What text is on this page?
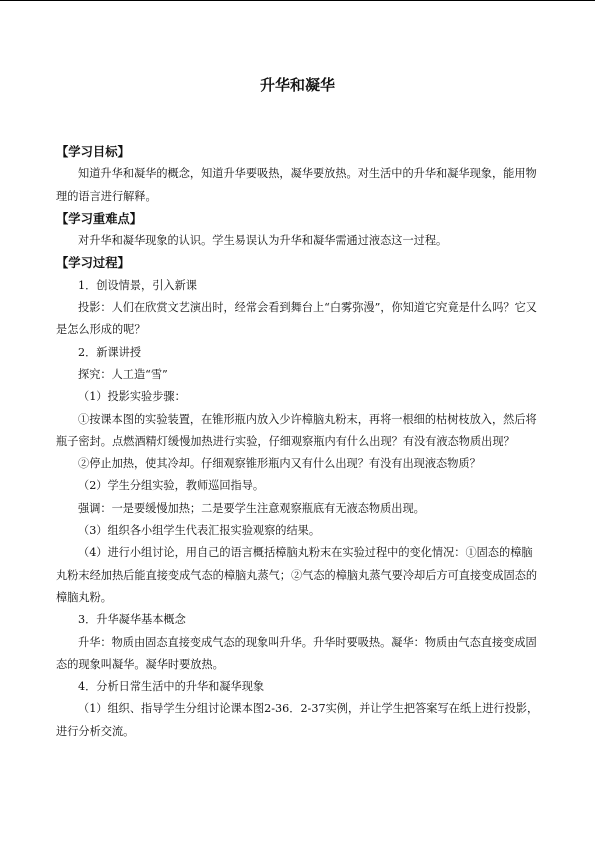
升华和凝华

【学习目标】

知道升华和凝华的概念，知道升华要吸热，凝华要放热。对生活中的升华和凝华现象，能用物理的语言进行解释。

【学习重难点】

对升华和凝华现象的认识。学生易误认为升华和凝华需通过液态这一过程。

【学习过程】

1．创设情景，引入新课

投影：人们在欣赏文艺演出时，经常会看到舞台上“白雾弥漫”，你知道它究竟是什么吗？它又是怎么形成的呢？

2．新课讲授

探究：人工造“雪”

（1）投影实验步骤：

①按课本图的实验装置，在锥形瓶内放入少许樟脑丸粉末，再将一根细的枯树枝放入，然后将瓶子密封。点燃酒精灯缓慢加热进行实验，仔细观察瓶内有什么出现？有没有液态物质出现？

②停止加热，使其冷却。仔细观察锥形瓶内又有什么出现？有没有出现液态物质？

（2）学生分组实验，教师巡回指导。

强调：一是要缓慢加热；二是要学生注意观察瓶底有无液态物质出现。

（3）组织各小组学生代表汇报实验观察的结果。

（4）进行小组讨论，用自己的语言概括樟脑丸粉末在实验过程中的变化情况：①固态的樟脑丸粉末经加热后能直接变成气态的樟脑丸蒸气；②气态的樟脑丸蒸气要冷却后方可直接变成固态的樟脑丸粉。

3．升华凝华基本概念

升华：物质由固态直接变成气态的现象叫升华。升华时要吸热。凝华：物质由气态直接变成固态的现象叫凝华。凝华时要放热。

4．分析日常生活中的升华和凝华现象

（1）组织、指导学生分组讨论课本图2-36．2-37实例，并让学生把答案写在纸上进行投影，进行分析交流。
